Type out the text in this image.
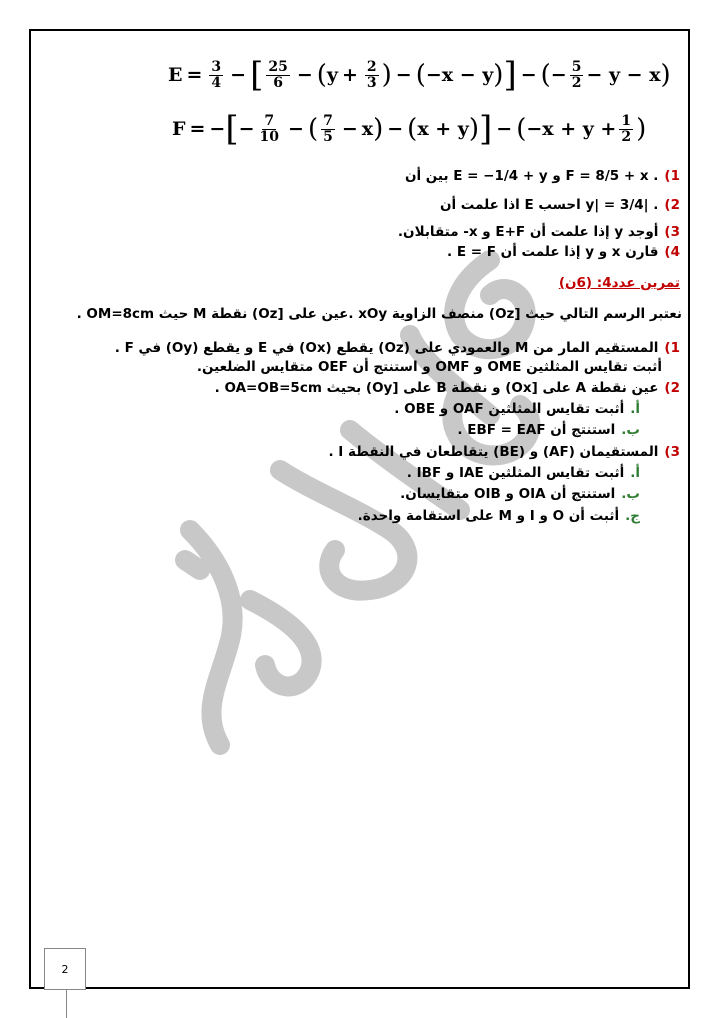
$E = \frac{3}{4}$ − [ $\frac{25}{6}$ − ( $y + \frac{2}{3}$ ) − ( −x − y ) ] − ( − $\frac{5}{2} - y - x$ )
F = − [ − $\frac{7}{10}$ − ( $\frac{7}{5} - x$ ) − ( x + y ) ] − ( $-x + y + \frac{1}{2}$ )
1). F = 8/5 + x و E = −1/4 + y بين أن
2). |y| = 3/4 احسب E اذا علمت أن
3)أوجد y إذا علمت أن E+F و x- متقابلان.
4)قارن x و y إذا علمت أن E = F .
تمرين عدد4: (6ن)
نعتبر الرسم التالي حيث [Oz) منصف الزاوية xOy .عين على [Oz) نقطة M حيث OM=8cm .
1)المستقيم المار من M والعمودي على (Oz) يقطع (Ox) في E و يقطع (Oy) في F .
أثبت تقايس المثلثين OME و OMF و استنتج أن OEF متقايس الضلعين.
2)عين نقطة A على [Ox) و نقطة B على [Oy) بحيث OA=OB=5cm .
أ.أثبت تقايس المثلثين OAF و OBE .
ب.استنتج أن EBF = EAF .
3)المستقيمان (AF) و (BE) يتقاطعان في النقطة I .
أ.أثبت تقايس المثلثين IAE و IBF .
ب.استنتج أن OIA و OIB متقايسان.
ج.أثبت أن O و I و M على استقامة واحدة.
2
